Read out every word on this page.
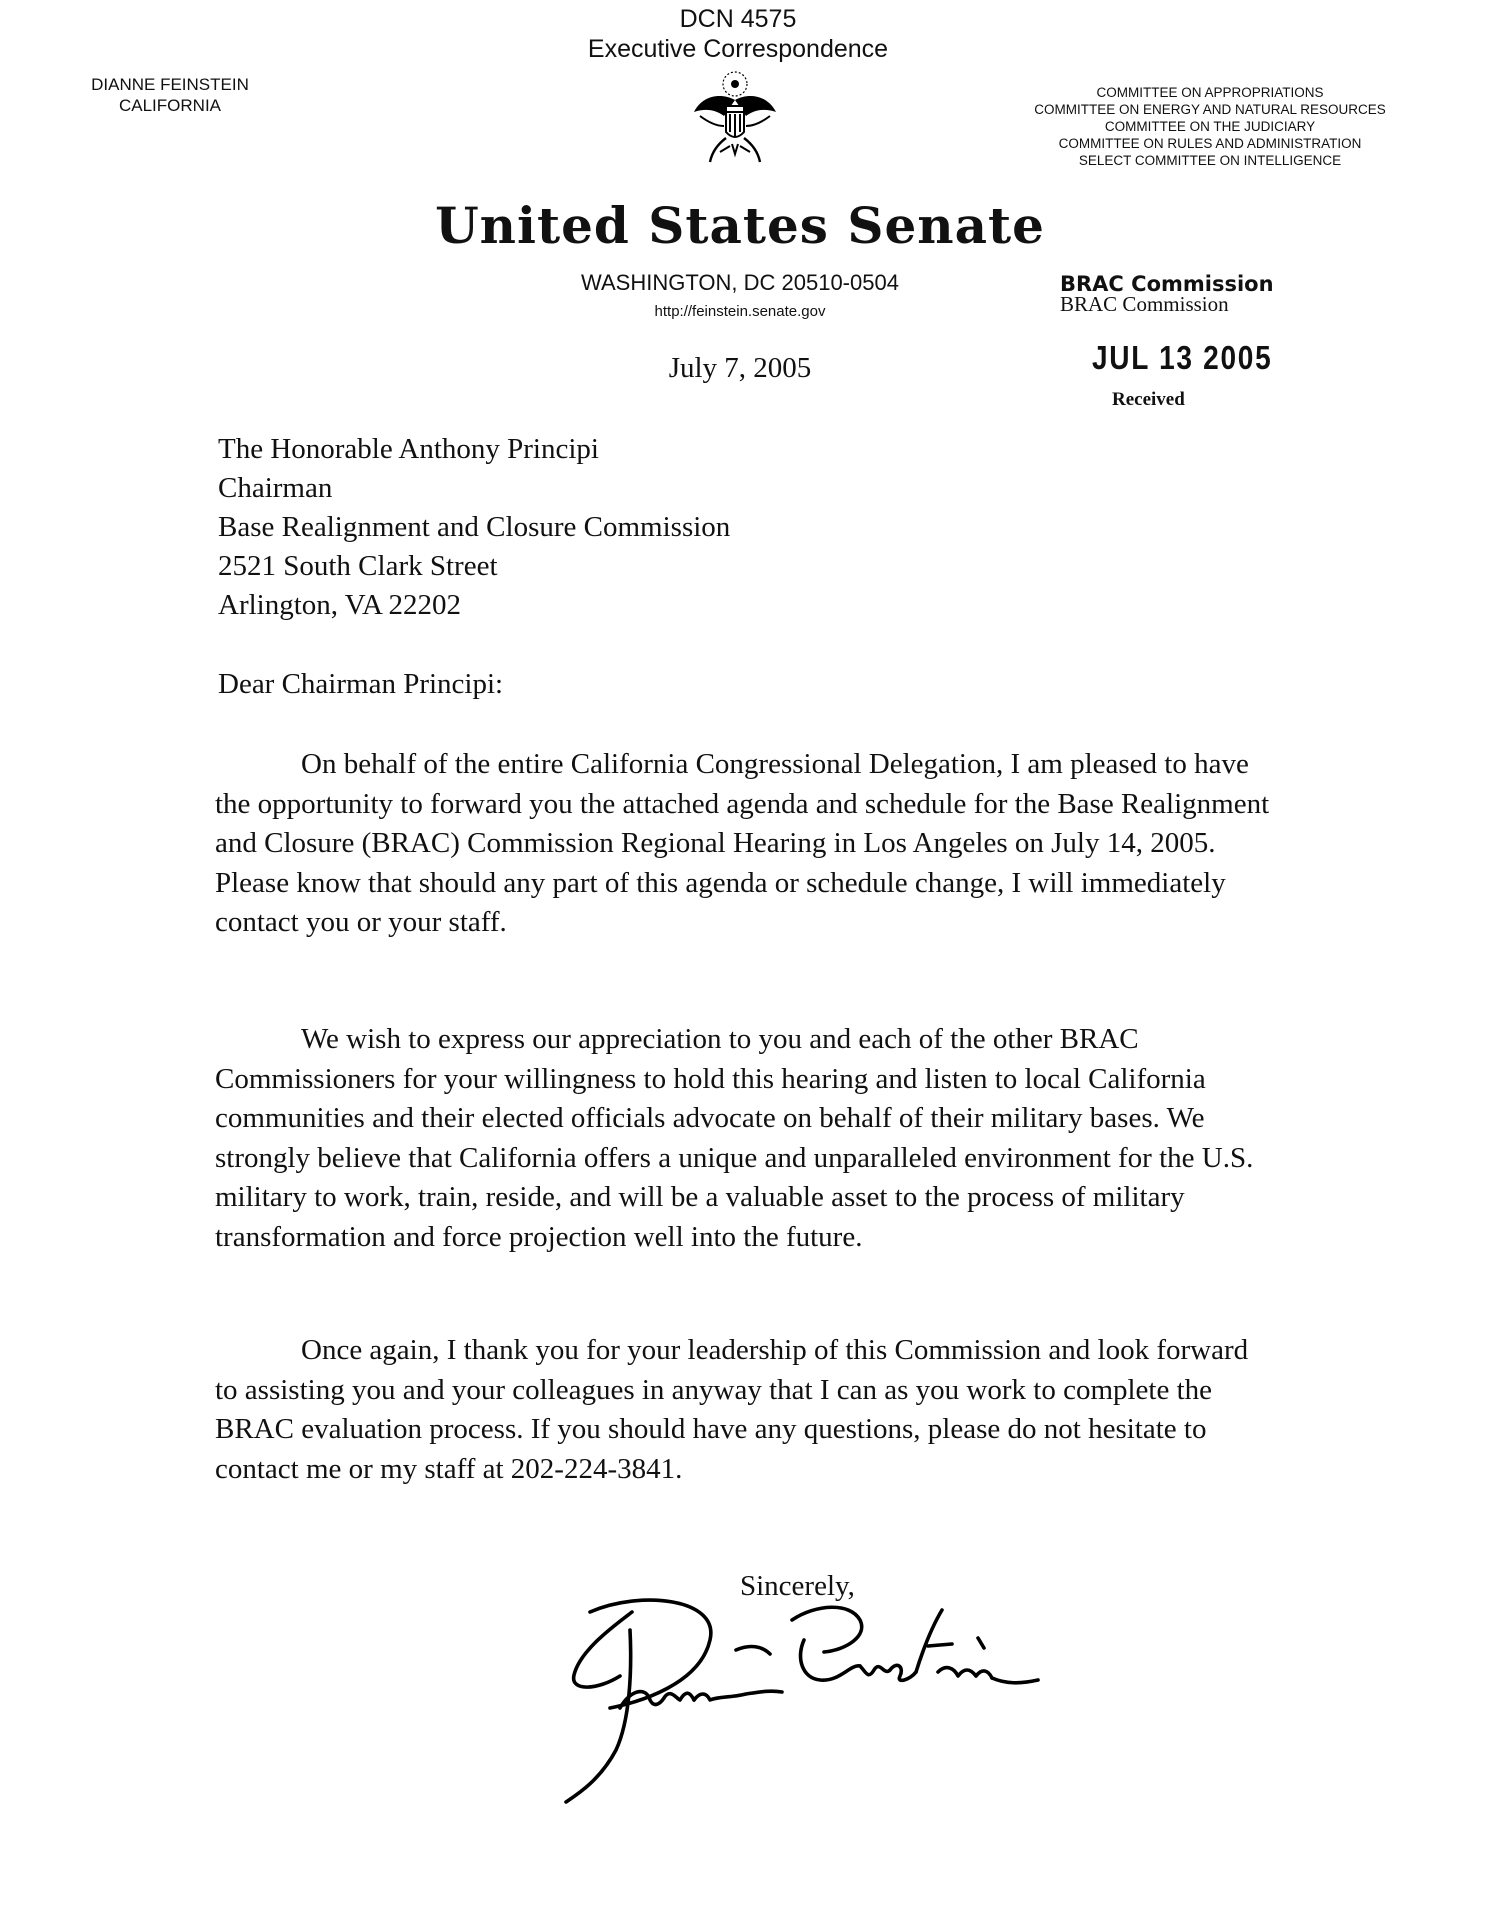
DCN 4575
Executive Correspondence
DIANNE FEINSTEIN
CALIFORNIA
COMMITTEE ON APPROPRIATIONS
COMMITTEE ON ENERGY AND NATURAL RESOURCES
COMMITTEE ON THE JUDICIARY
COMMITTEE ON RULES AND ADMINISTRATION
SELECT COMMITTEE ON INTELLIGENCE
United States Senate
WASHINGTON, DC 20510-0504
http://feinstein.senate.gov
July 7, 2005
BRAC Commission
BRAC Commission
JUL 13 2005
Received
The Honorable Anthony Principi
Chairman
Base Realignment and Closure Commission
2521 South Clark Street
Arlington, VA 22202
Dear Chairman Principi:
On behalf of the entire California Congressional Delegation, I am pleased to have the opportunity to forward you the attached agenda and schedule for the Base Realignment and Closure (BRAC) Commission Regional Hearing in Los Angeles on July 14, 2005. Please know that should any part of this agenda or schedule change, I will immediately contact you or your staff.
We wish to express our appreciation to you and each of the other BRAC Commissioners for your willingness to hold this hearing and listen to local California communities and their elected officials advocate on behalf of their military bases. We strongly believe that California offers a unique and unparalleled environment for the U.S. military to work, train, reside, and will be a valuable asset to the process of military transformation and force projection well into the future.
Once again, I thank you for your leadership of this Commission and look forward to assisting you and your colleagues in anyway that I can as you work to complete the BRAC evaluation process. If you should have any questions, please do not hesitate to contact me or my staff at 202-224-3841.
Sincerely,
